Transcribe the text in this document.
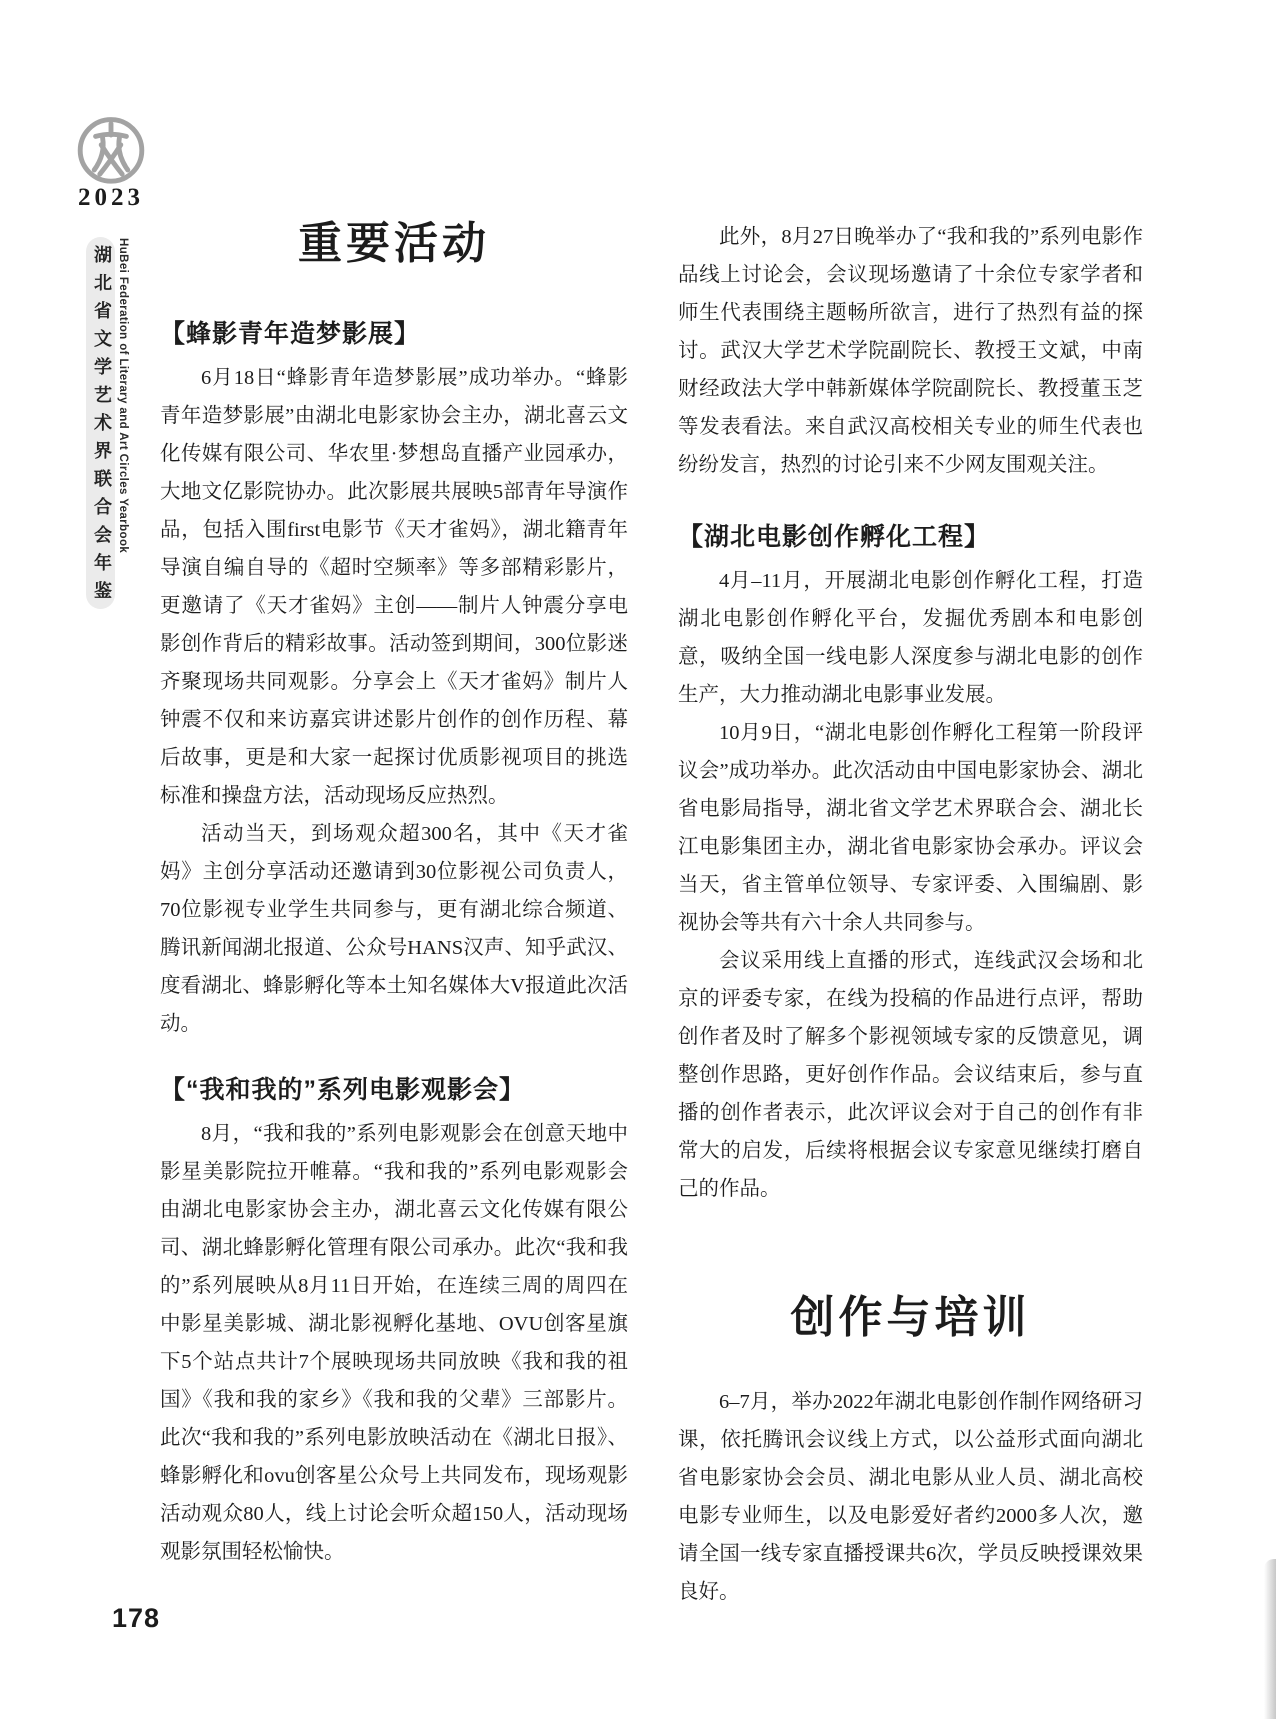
2023
湖北省文学艺术界联合会年鉴 HuBei Federation of Literary and Art Circles Yearbook	重要活动
【蜂影青年造梦影展】

6月18日“蜂影青年造梦影展”成功举办。“蜂影青年造梦影展”由湖北电影家协会主办，湖北喜云文化传媒有限公司、华农里·梦想岛直播产业园承办，大地文亿影院协办。此次影展共展映5部青年导演作品，包括入围first电影节《天才雀妈》，湖北籍青年导演自编自导的《超时空频率》等多部精彩影片，更邀请了《天才雀妈》主创——制片人钟震分享电影创作背后的精彩故事。活动签到期间，300位影迷齐聚现场共同观影。分享会上《天才雀妈》制片人钟震不仅和来访嘉宾讲述影片创作的创作历程、幕后故事，更是和大家一起探讨优质影视项目的挑选标准和操盘方法，活动现场反应热烈。

活动当天，到场观众超300名，其中《天才雀妈》主创分享活动还邀请到30位影视公司负责人，70位影视专业学生共同参与，更有湖北综合频道、腾讯新闻湖北报道、公众号HANS汉声、知乎武汉、度看湖北、蜂影孵化等本土知名媒体大V报道此次活动。

【“我和我的”系列电影观影会】

8月，“我和我的”系列电影观影会在创意天地中影星美影院拉开帷幕。“我和我的”系列电影观影会由湖北电影家协会主办，湖北喜云文化传媒有限公司、湖北蜂影孵化管理有限公司承办。此次“我和我的”系列展映从8月11日开始，在连续三周的周四在中影星美影城、湖北影视孵化基地、OVU创客星旗下5个站点共计7个展映现场共同放映《我和我的祖国》《我和我的家乡》《我和我的父辈》三部影片。此次“我和我的”系列电影放映活动在《湖北日报》、蜂影孵化和ovu创客星公众号上共同发布，现场观影活动观众80人，线上讨论会听众超150人，活动现场观影氛围轻松愉快。

此外，8月27日晚举办了“我和我的”系列电影作品线上讨论会，会议现场邀请了十余位专家学者和师生代表围绕主题畅所欲言，进行了热烈有益的探讨。武汉大学艺术学院副院长、教授王文斌，中南财经政法大学中韩新媒体学院副院长、教授董玉芝等发表看法。来自武汉高校相关专业的师生代表也纷纷发言，热烈的讨论引来不少网友围观关注。

【湖北电影创作孵化工程】

4月–11月，开展湖北电影创作孵化工程，打造湖北电影创作孵化平台，发掘优秀剧本和电影创意，吸纳全国一线电影人深度参与湖北电影的创作生产，大力推动湖北电影事业发展。

10月9日，“湖北电影创作孵化工程第一阶段评议会”成功举办。此次活动由中国电影家协会、湖北省电影局指导，湖北省文学艺术界联合会、湖北长江电影集团主办，湖北省电影家协会承办。评议会当天，省主管单位领导、专家评委、入围编剧、影视协会等共有六十余人共同参与。

会议采用线上直播的形式，连线武汉会场和北京的评委专家，在线为投稿的作品进行点评，帮助创作者及时了解多个影视领域专家的反馈意见，调整创作思路，更好创作作品。会议结束后，参与直播的创作者表示，此次评议会对于自己的创作有非常大的启发，后续将根据会议专家意见继续打磨自己的作品。

创作与培训

6–7月，举办2022年湖北电影创作制作网络研习课，依托腾讯会议线上方式，以公益形式面向湖北省电影家协会会员、湖北电影从业人员、湖北高校电影专业师生，以及电影爱好者约2000多人次，邀请全国一线专家直播授课共6次，学员反映授课效果良好。

178
